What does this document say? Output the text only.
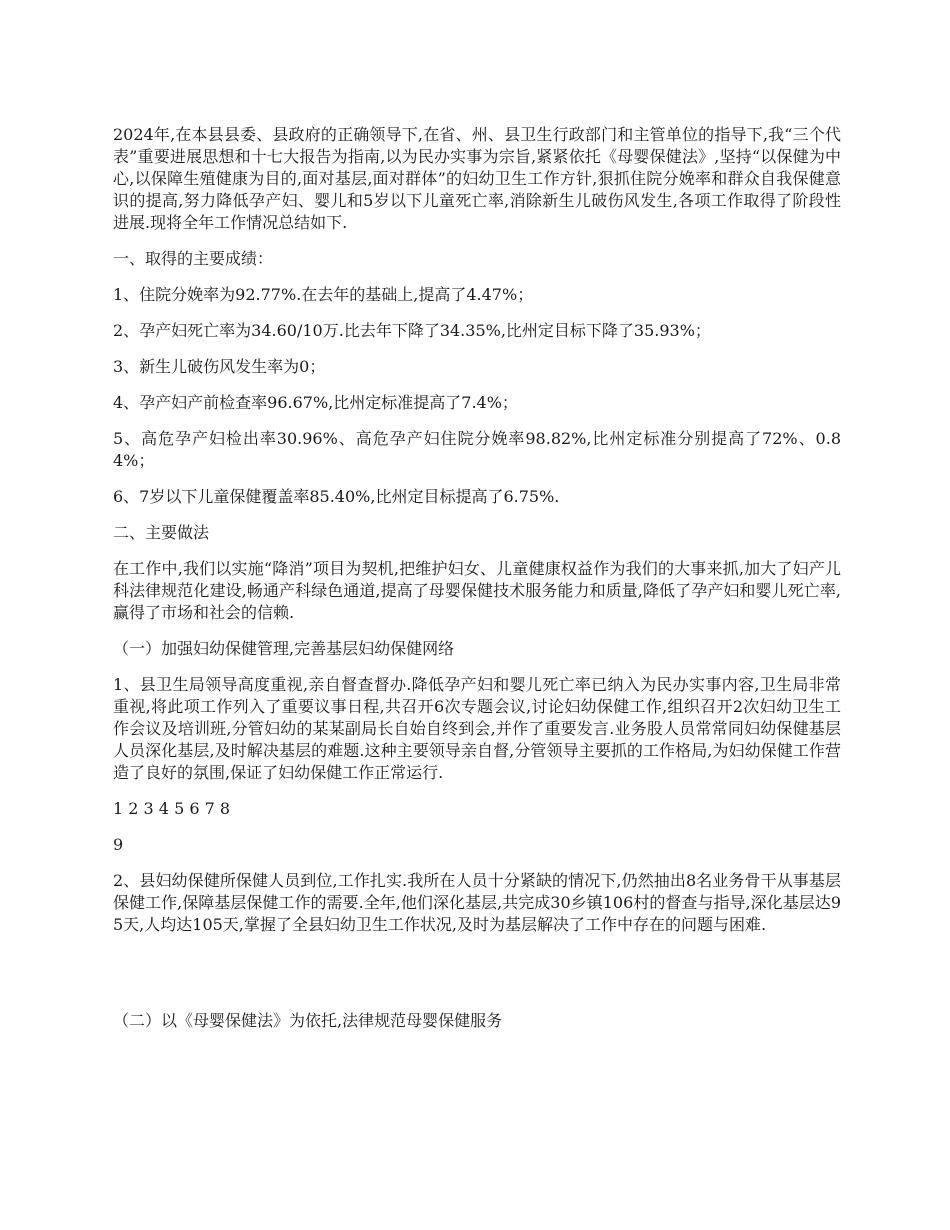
2024年,在本县县委、县政府的正确领导下,在省、州、县卫生行政部门和主管单位的指导下,我“三个代表”重要进展思想和十七大报告为指南,以为民办实事为宗旨,紧紧依托《母婴保健法》,坚持“以保健为中心,以保障生殖健康为目的,面对基层,面对群体”的妇幼卫生工作方针,狠抓住院分娩率和群众自我保健意识的提高,努力降低孕产妇、婴儿和5岁以下儿童死亡率,消除新生儿破伤风发生,各项工作取得了阶段性进展.现将全年工作情况总结如下.

一、取得的主要成绩：

1、住院分娩率为92.77%.在去年的基础上,提高了4.47%；

2、孕产妇死亡率为34.60/10万.比去年下降了34.35%,比州定目标下降了35.93%；

3、新生儿破伤风发生率为0；

4、孕产妇产前检查率96.67%,比州定标准提高了7.4%；

5、高危孕产妇检出率30.96%、高危孕产妇住院分娩率98.82%,比州定标准分别提高了72%、0.84%；

6、7岁以下儿童保健覆盖率85.40%,比州定目标提高了6.75%.

二、主要做法

在工作中,我们以实施“降消”项目为契机,把维护妇女、儿童健康权益作为我们的大事来抓,加大了妇产儿科法律规范化建设,畅通产科绿色通道,提高了母婴保健技术服务能力和质量,降低了孕产妇和婴儿死亡率,赢得了市场和社会的信赖.

（一）加强妇幼保健管理,完善基层妇幼保健网络

1、县卫生局领导高度重视,亲自督查督办.降低孕产妇和婴儿死亡率已纳入为民办实事内容,卫生局非常重视,将此项工作列入了重要议事日程,共召开6次专题会议,讨论妇幼保健工作,组织召开2次妇幼卫生工作会议及培训班,分管妇幼的某某副局长自始自终到会,并作了重要发言.业务股人员常常同妇幼保健基层人员深化基层,及时解决基层的难题.这种主要领导亲自督,分管领导主要抓的工作格局,为妇幼保健工作营造了良好的氛围,保证了妇幼保健工作正常运行.

1 2 3 4 5 6 7 8

9

2、县妇幼保健所保健人员到位,工作扎实.我所在人员十分紧缺的情况下,仍然抽出8名业务骨干从事基层保健工作,保障基层保健工作的需要.全年,他们深化基层,共完成30乡镇106村的督查与指导,深化基层达95天,人均达105天,掌握了全县妇幼卫生工作状况,及时为基层解决了工作中存在的问题与困难.

（二）以《母婴保健法》为依托,法律规范母婴保健服务
